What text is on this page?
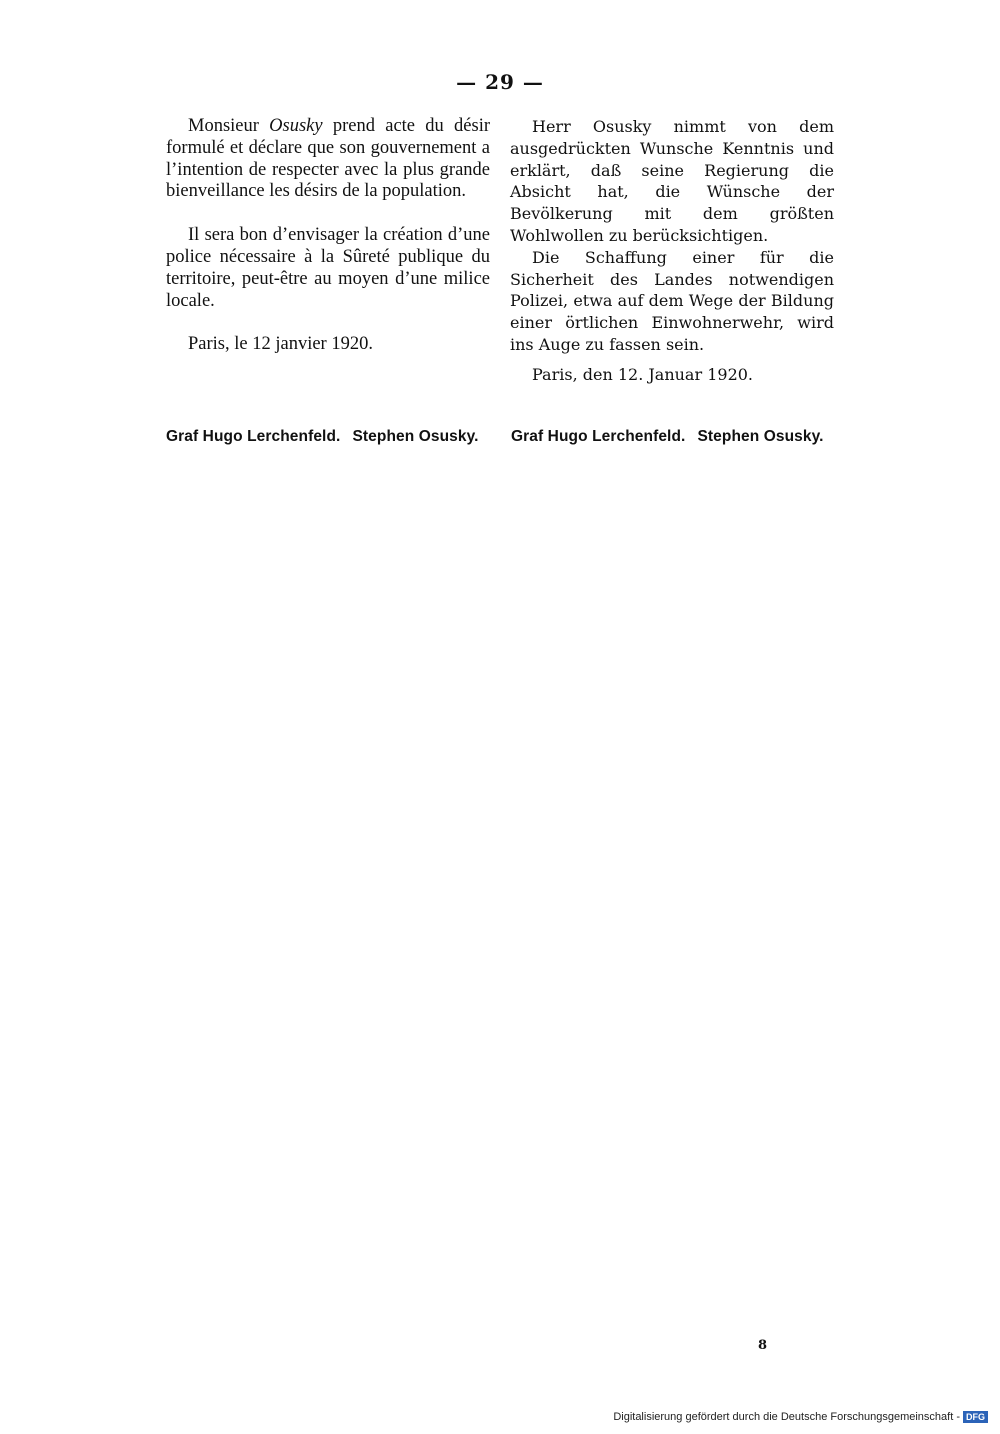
— 29 —

Monsieur Osusky prend acte du désir formulé et déclare que son gouvernement a l’intention de respecter avec la plus grande bienveillance les désirs de la population.

Il sera bon d’envisager la création d’une police nécessaire à la Sûreté publique du territoire, peut-être au moyen d’une milice locale.

Paris, le 12 janvier 1920.

Herr Osusky nimmt von dem ausgedrückten Wunsche Kenntnis und erklärt, daß seine Regierung die Absicht hat, die Wünsche der Bevölkerung mit dem größten Wohlwollen zu berücksichtigen.

Die Schaffung einer für die Sicherheit des Landes notwendigen Polizei, etwa auf dem Wege der Bildung einer örtlichen Einwohnerwehr, wird ins Auge zu fassen sein.

Paris, den 12. Januar 1920.

Graf Hugo Lerchenfeld. Stephen Osusky. Graf Hugo Lerchenfeld. Stephen Osusky.
8
Digitalisierung gefördert durch die Deutsche Forschungsgemeinschaft - DFG
